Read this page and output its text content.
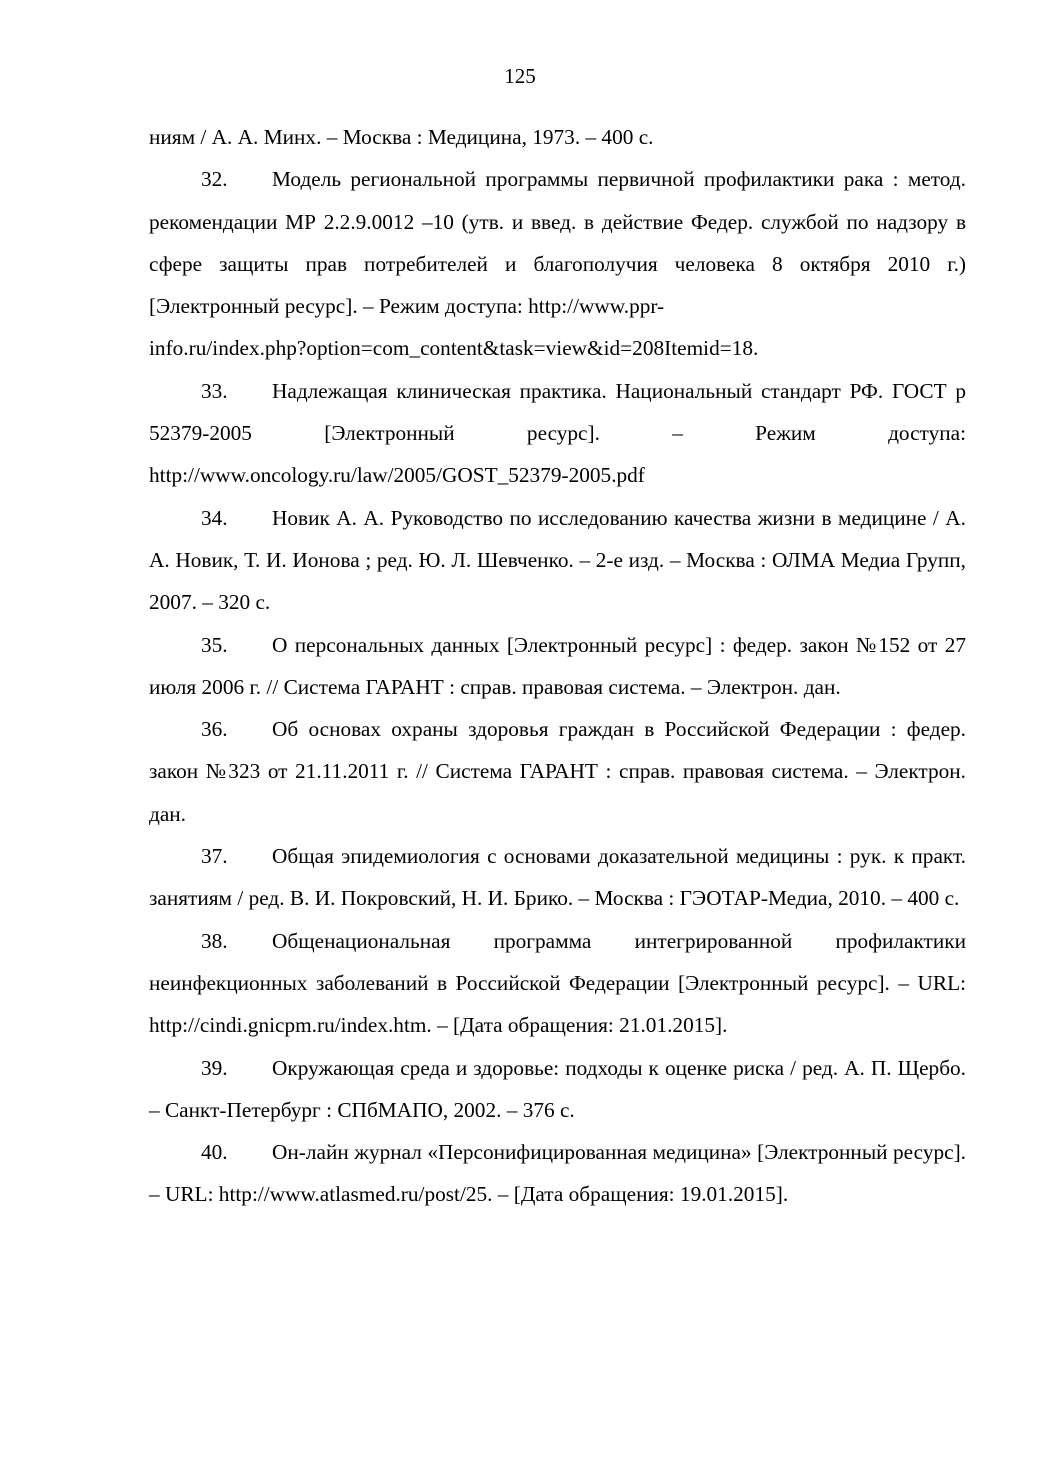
125

ниям / А. А. Минх. – Москва : Медицина, 1973. – 400 с.

32. Модель региональной программы первичной профилактики рака : метод. рекомендации МР 2.2.9.0012 –10 (утв. и введ. в действие Федер. службой по надзору в сфере защиты прав потребителей и благополучия человека 8 октября 2010 г.) [Электронный ресурс]. – Режим доступа: http://www.ppr-

info.ru/index.php?option=com_content&task=view&id=208Itemid=18.

33. Надлежащая клиническая практика. Национальный стандарт РФ. ГОСТ р 52379-2005 [Электронный ресурс]. – Режим доступа: http://www.oncology.ru/law/2005/GOST_52379-2005.pdf

34. Новик А. А. Руководство по исследованию качества жизни в медицине / А. А. Новик, Т. И. Ионова ; ред. Ю. Л. Шевченко. – 2-е изд. – Москва : ОЛМА Медиа Групп, 2007. – 320 с.

35. О персональных данных [Электронный ресурс] : федер. закон №152 от 27 июля 2006 г. // Система ГАРАНТ : справ. правовая система. – Электрон. дан.

36. Об основах охраны здоровья граждан в Российской Федерации : федер. закон №323 от 21.11.2011 г. // Система ГАРАНТ : справ. правовая система. – Электрон. дан.

37. Общая эпидемиология с основами доказательной медицины : рук. к практ. занятиям / ред. В. И. Покровский, Н. И. Брико. – Москва : ГЭОТАР-Медиа, 2010. – 400 с.

38. Общенациональная программа интегрированной профилактики неинфекционных заболеваний в Российской Федерации [Электронный ресурс]. – URL: http://cindi.gnicpm.ru/index.htm. – [Дата обращения: 21.01.2015].

39. Окружающая среда и здоровье: подходы к оценке риска / ред. А. П. Щербо. – Санкт-Петербург : СПбМАПО, 2002. – 376 с.

40. Он-лайн журнал «Персонифицированная медицина» [Электронный ресурс]. – URL: http://www.atlasmed.ru/post/25. – [Дата обращения: 19.01.2015].
